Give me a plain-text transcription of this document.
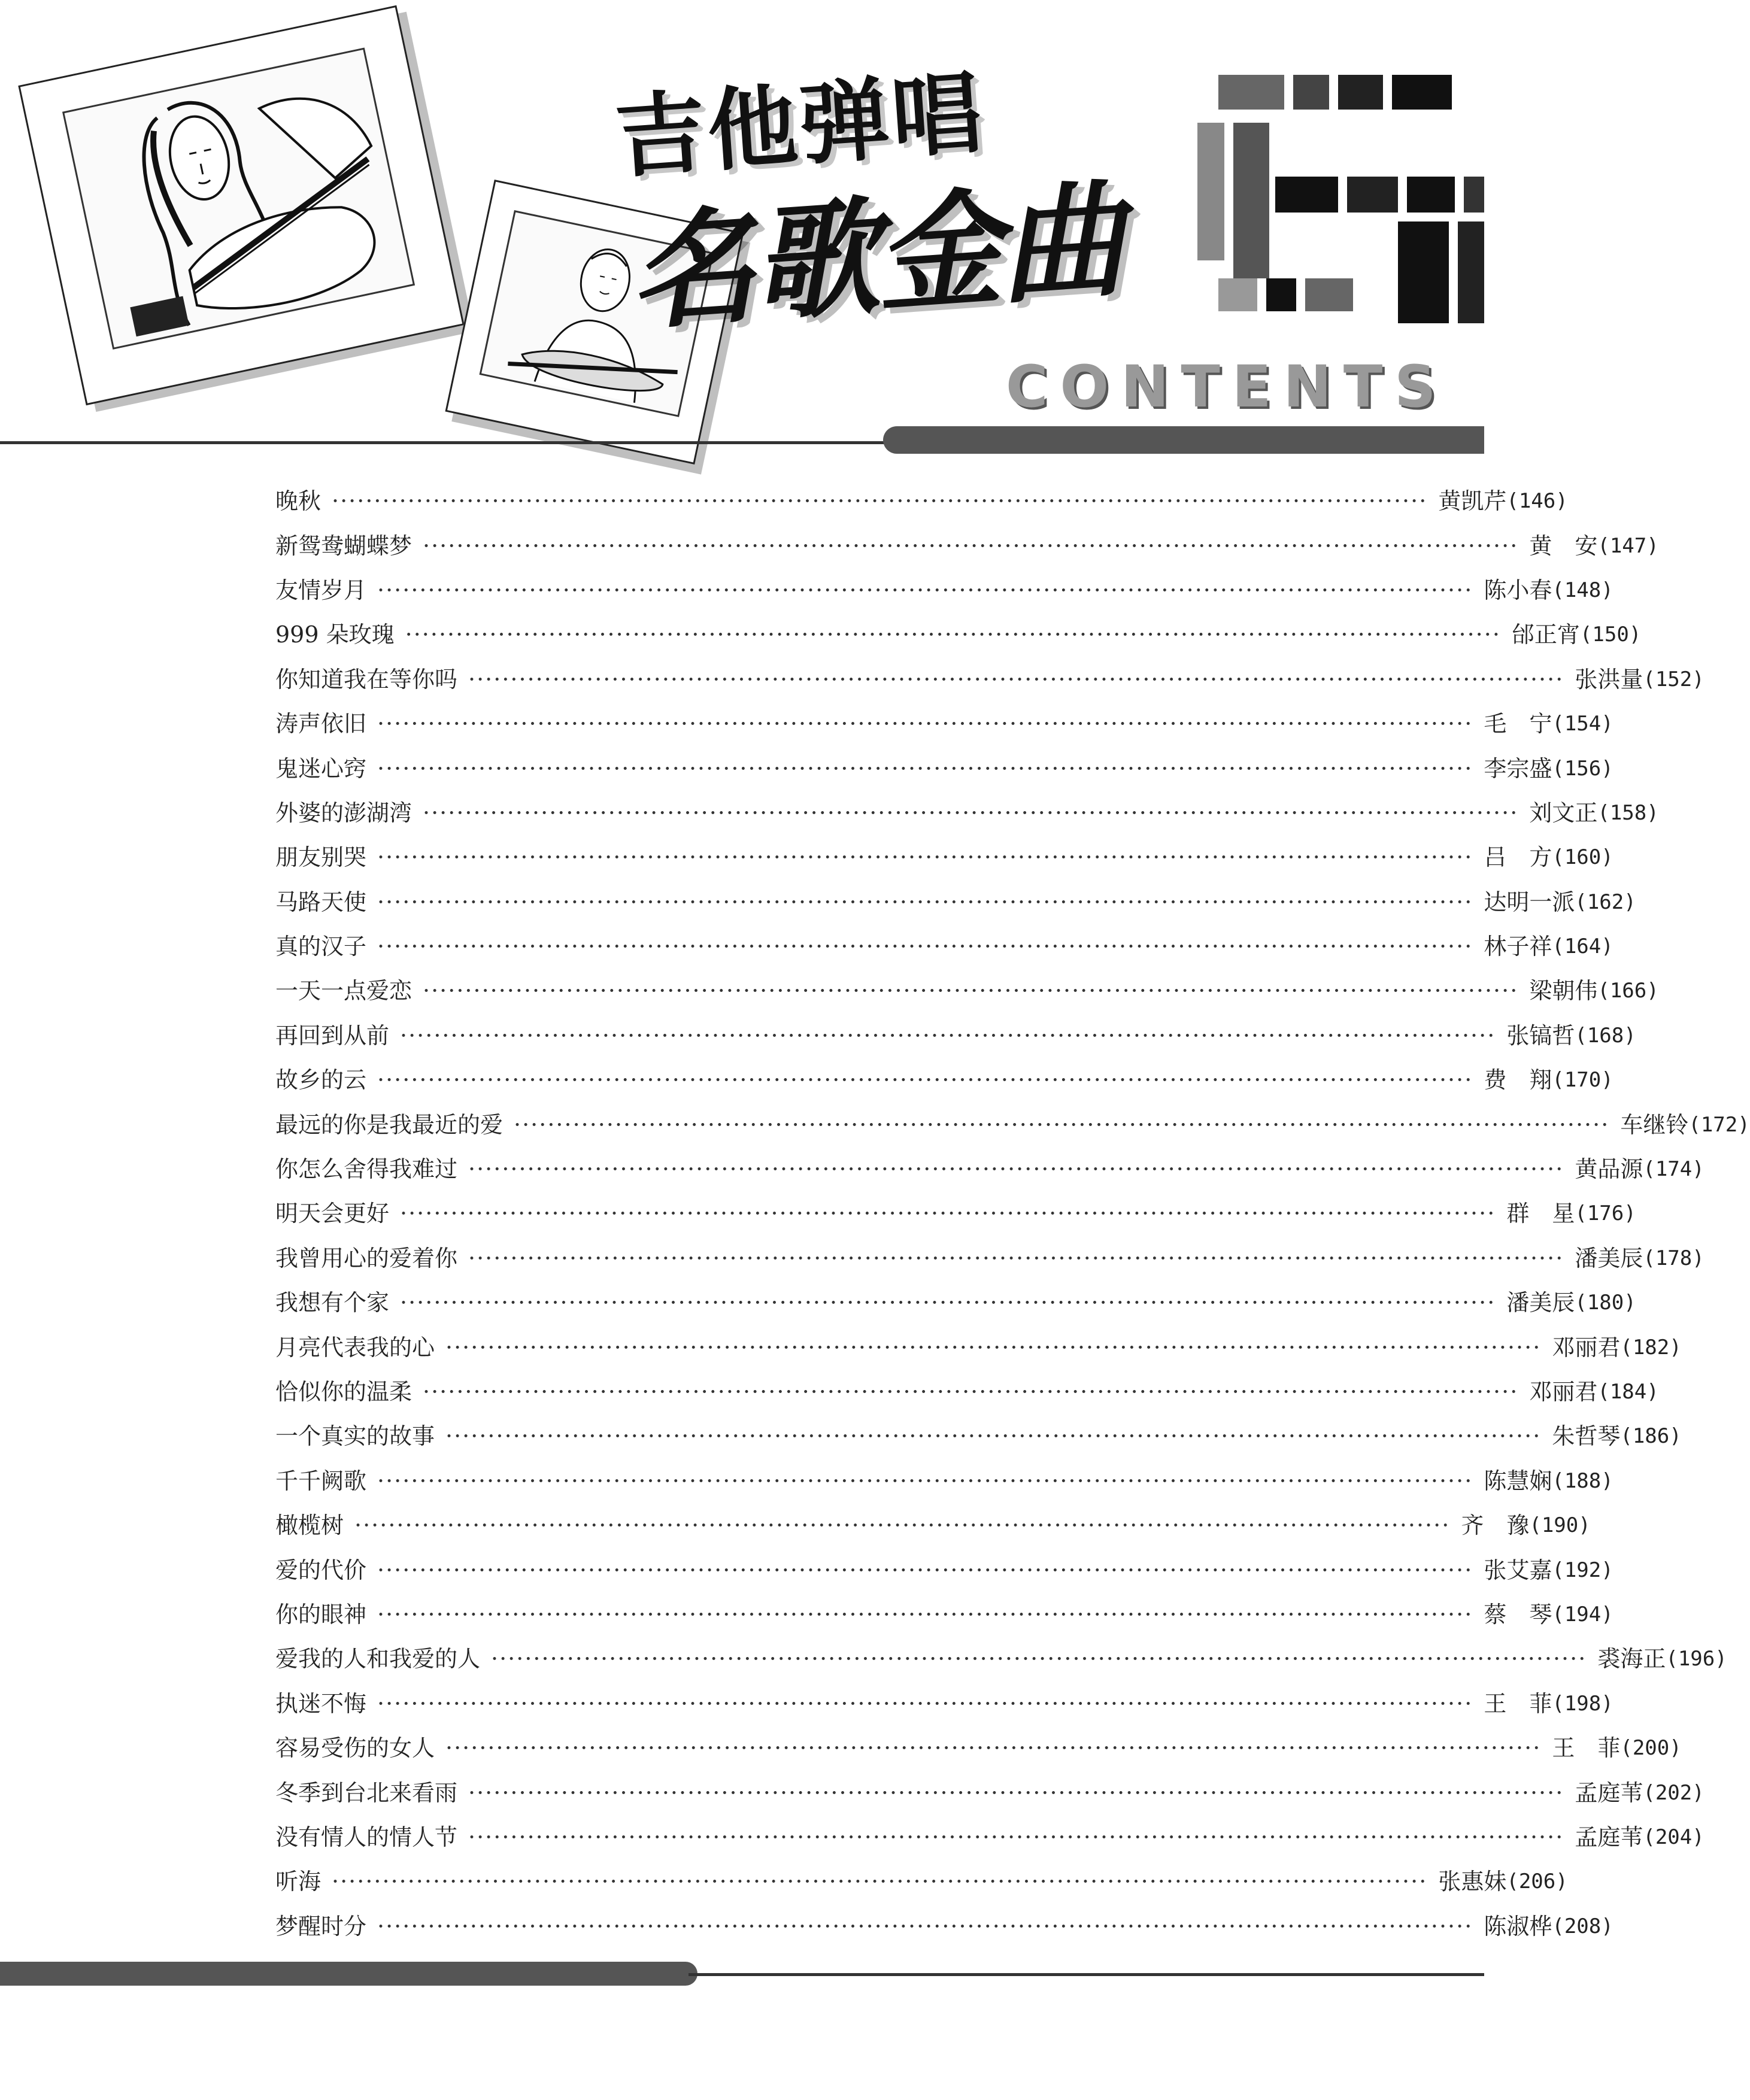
吉他弹唱
名歌金曲
CONTENTS
晚秋 ·································································································································· 黄凯芹 (146)
新鸳鸯蝴蝶梦 ·································································································································· 黄　安 (147)
友情岁月 ·································································································································· 陈小春 (148)
999 朵玫瑰 ·································································································································· 邰正宵 (150)
你知道我在等你吗 ·································································································································· 张洪量 (152)
涛声依旧 ·································································································································· 毛　宁 (154)
鬼迷心窍 ·································································································································· 李宗盛 (156)
外婆的澎湖湾 ·································································································································· 刘文正 (158)
朋友别哭 ·································································································································· 吕　方 (160)
马路天使 ·································································································································· 达明一派 (162)
真的汉子 ·································································································································· 林子祥 (164)
一天一点爱恋 ·································································································································· 梁朝伟 (166)
再回到从前 ·································································································································· 张镐哲 (168)
故乡的云 ·································································································································· 费　翔 (170)
最远的你是我最近的爱 ·································································································································· 车继铃 (172)
你怎么舍得我难过 ·································································································································· 黄品源 (174)
明天会更好 ·································································································································· 群　星 (176)
我曾用心的爱着你 ·································································································································· 潘美辰 (178)
我想有个家 ·································································································································· 潘美辰 (180)
月亮代表我的心 ·································································································································· 邓丽君 (182)
恰似你的温柔 ·································································································································· 邓丽君 (184)
一个真实的故事 ·································································································································· 朱哲琴 (186)
千千阙歌 ·································································································································· 陈慧娴 (188)
橄榄树 ·································································································································· 齐　豫 (190)
爱的代价 ·································································································································· 张艾嘉 (192)
你的眼神 ·································································································································· 蔡　琴 (194)
爱我的人和我爱的人 ·································································································································· 裘海正 (196)
执迷不悔 ·································································································································· 王　菲 (198)
容易受伤的女人 ·································································································································· 王　菲 (200)
冬季到台北来看雨 ·································································································································· 孟庭苇 (202)
没有情人的情人节 ·································································································································· 孟庭苇 (204)
听海 ·································································································································· 张惠妹 (206)
梦醒时分 ·································································································································· 陈淑桦 (208)
